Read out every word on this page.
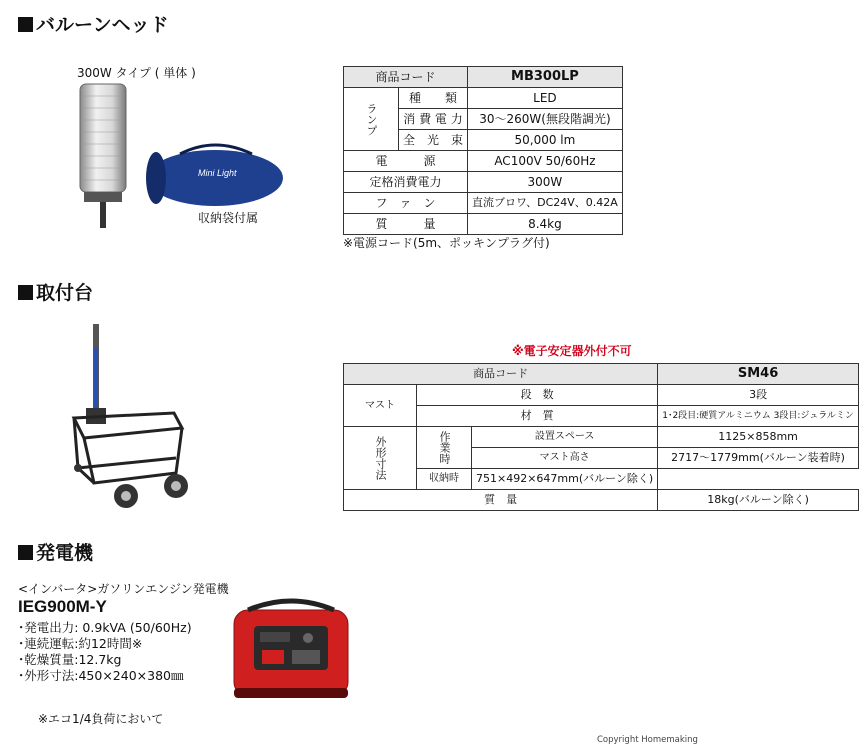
バルーンヘッド
300W タイプ ( 単体 )
Mini Light
収納袋付属
商品コード		MB300LP
ランプ	種　　類	LED
	消 費 電 力	30〜260W(無段階調光)
	全　光　束	50,000 lm
電　　　源		AC100V 50/60Hz
定格消費電力		300W
フ　ァ　ン		直流ブロワ、DC24V、0.42A
質　　　量		8.4kg
※電源コード(5m、ポッキンプラグ付)
取付台
※電子安定器外付不可
商品コード			SM46
マスト	段　数		3段
	材　質		1･2段目:硬質アルミニウム 3段目:ジュラルミン
外形寸法	作業時	設置スペース	1125×858mm
		マスト高さ	2717〜1779mm(バルーン装着時)
	収納時	751×492×647mm(バルーン除く)	
質　量			18kg(バルーン除く)
発電機
<インバータ>ガソリンエンジン発電機
IEG900M-Y
･発電出力: 0.9kVA (50/60Hz)
･連続運転:約12時間※
･乾燥質量:12.7kg
･外形寸法:450×240×380㎜
※エコ1/4負荷において
Copyright Homemaking
